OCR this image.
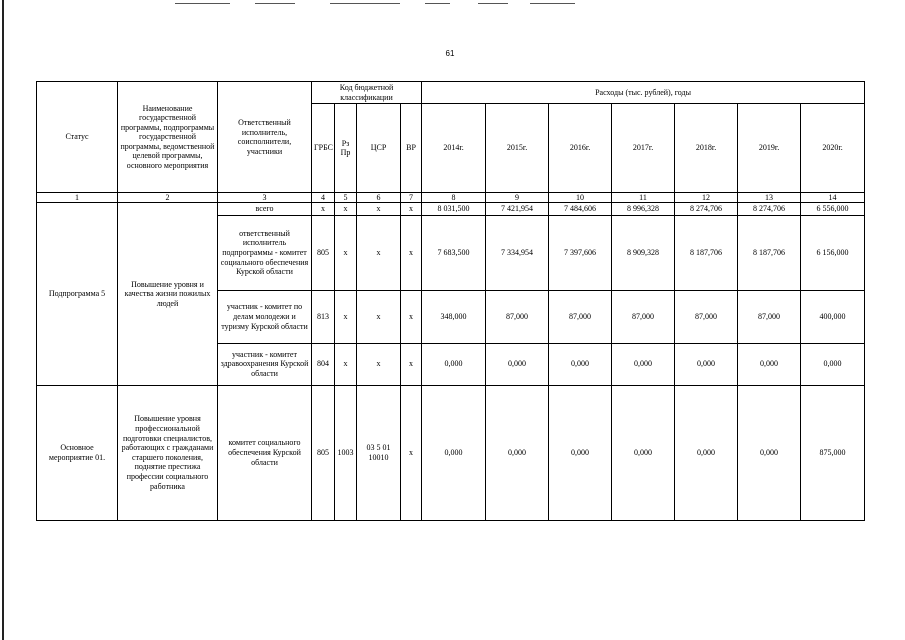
61
Статус	Наименование государственной программы, подпрограммы государственной программы, ведомственной целевой программы, основного мероприятия	Ответственный исполнитель, соисполнители, участники	Код бюджетной классификации				Расходы (тыс. рублей), годы						
			ГРБС	Рз Пр	ЦСР	ВР	2014г.	2015г.	2016г.	2017г.	2018г.	2019г.	2020г.
1	2	3	4	5	6	7	8	9	10	11	12	13	14
Подпрограмма 5	Повышение уровня и качества жизни пожилых людей	всего	х	х	х	х	8 031,500	7 421,954	7 484,606	8 996,328	8 274,706	8 274,706	6 556,000
		ответственный исполнитель подпрограммы - комитет социального обеспечения Курской области	805	х	х	х	7 683,500	7 334,954	7 397,606	8 909,328	8 187,706	8 187,706	6 156,000
		участник - комитет по делам молодежи и туризму Курской области	813	х	х	х	348,000	87,000	87,000	87,000	87,000	87,000	400,000
		участник - комитет здравоохранения Курской области	804	х	х	х	0,000	0,000	0,000	0,000	0,000	0,000	0,000
Основное мероприятие 01.	Повышение уровня профессиональной подготовки специалистов, работающих с гражданами старшего поколения, поднятие престижа профессии социального работника	комитет социального обеспечения Курской области	805	1003	03 5 01 10010	х	0,000	0,000	0,000	0,000	0,000	0,000	875,000
